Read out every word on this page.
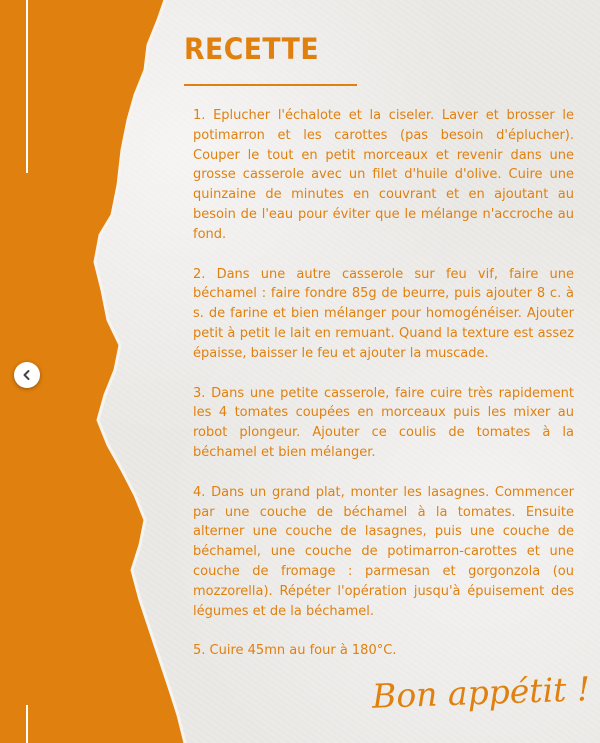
RECETTE

1. Eplucher l'échalote et la ciseler. Laver et brosser le potimarron et les carottes (pas besoin d'éplucher). Couper le tout en petit morceaux et revenir dans une grosse casserole avec un filet d'huile d'olive. Cuire une quinzaine de minutes en couvrant et en ajoutant au besoin de l'eau pour éviter que le mélange n'accroche au fond.

2. Dans une autre casserole sur feu vif, faire une béchamel : faire fondre 85g de beurre, puis ajouter 8 c. à s. de farine et bien mélanger pour homogénéiser. Ajouter petit à petit le lait en remuant. Quand la texture est assez épaisse, baisser le feu et ajouter la muscade.

3. Dans une petite casserole, faire cuire très rapidement les 4 tomates coupées en morceaux puis les mixer au robot plongeur. Ajouter ce coulis de tomates à la béchamel et bien mélanger.

4. Dans un grand plat, monter les lasagnes. Commencer par une couche de béchamel à la tomates. Ensuite alterner une couche de lasagnes, puis une couche de béchamel, une couche de potimarron-carottes et une couche de fromage : parmesan et gorgonzola (ou mozzorella). Répéter l'opération jusqu'à épuisement des légumes et de la béchamel.

5. Cuire 45mn au four à 180°C.

Bon appétit !
